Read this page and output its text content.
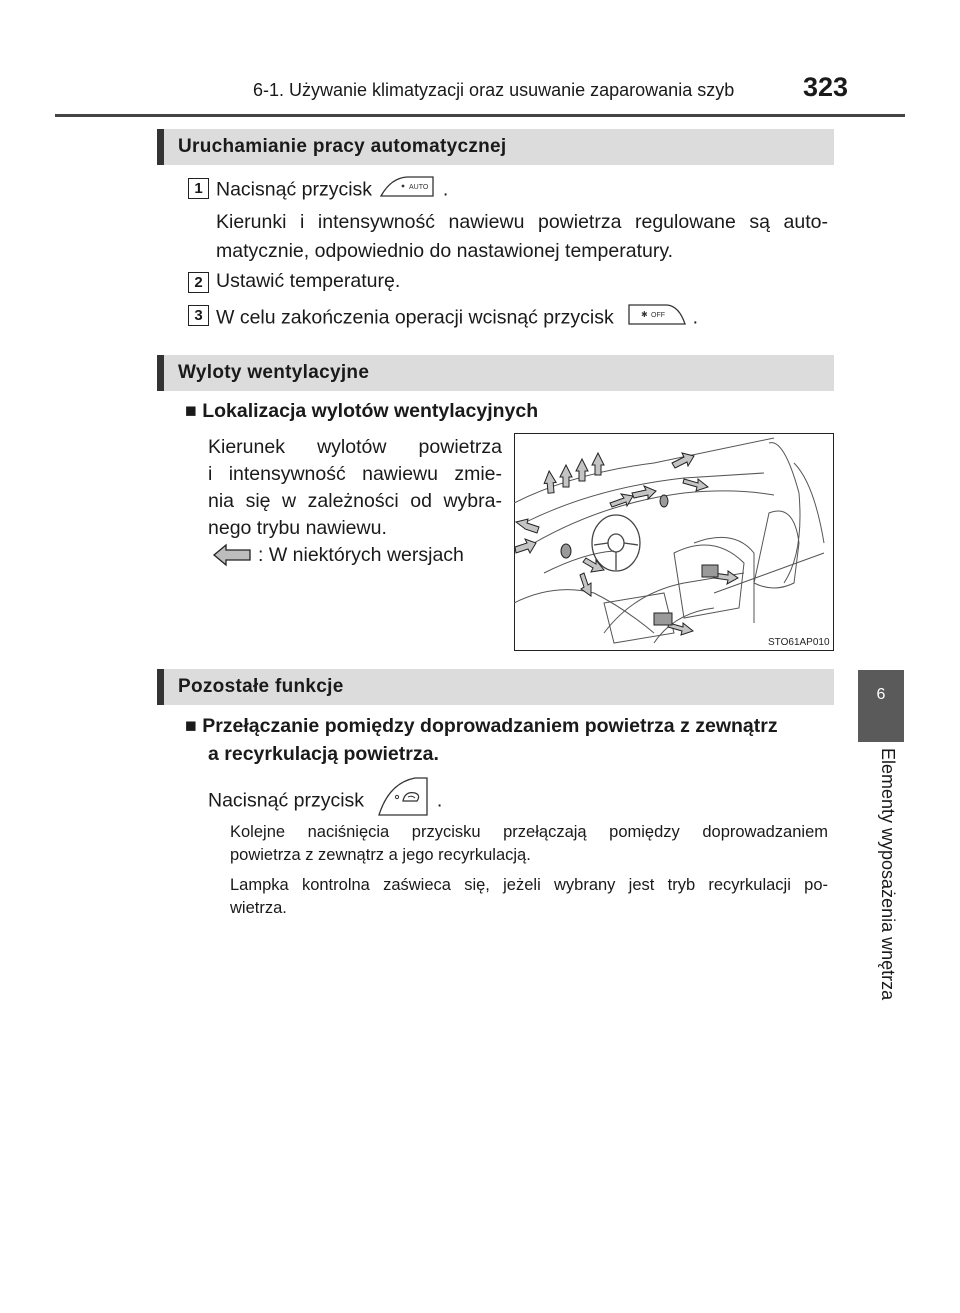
6-1. Używanie klimatyzacji oraz usuwanie zaparowania szyb	323
6
Elementy wyposażenia wnętrza
Uruchamianie pracy automatycznej
1 Nacisnąć przycisk	AUTO .
Kierunki i intensywność nawiewu powietrza regulowane są auto-
matycznie, odpowiednio do nastawionej temperatury.
2 Ustawić temperaturę.
3 W celu zakończenia operacji wcisnąć przycisk	✱ OFF .
Wyloty wentylacyjne
■ Lokalizacja wylotów wentylacyjnych
Kierunek wylotów powietrza
i intensywność nawiewu zmie-
nia się w zależności od wybra-
nego trybu nawiewu.
: W niektórych wersjach
STO61AP010
Pozostałe funkcje
■ Przełączanie pomiędzy doprowadzaniem powietrza z zewnątrz
a recyrkulacją powietrza.
Nacisnąć przycisk	.
Kolejne naciśnięcia przycisku przełączają pomiędzy doprowadzaniem
powietrza z zewnątrz a jego recyrkulacją.
Lampka kontrolna zaświeca się, jeżeli wybrany jest tryb recyrkulacji po-
wietrza.
